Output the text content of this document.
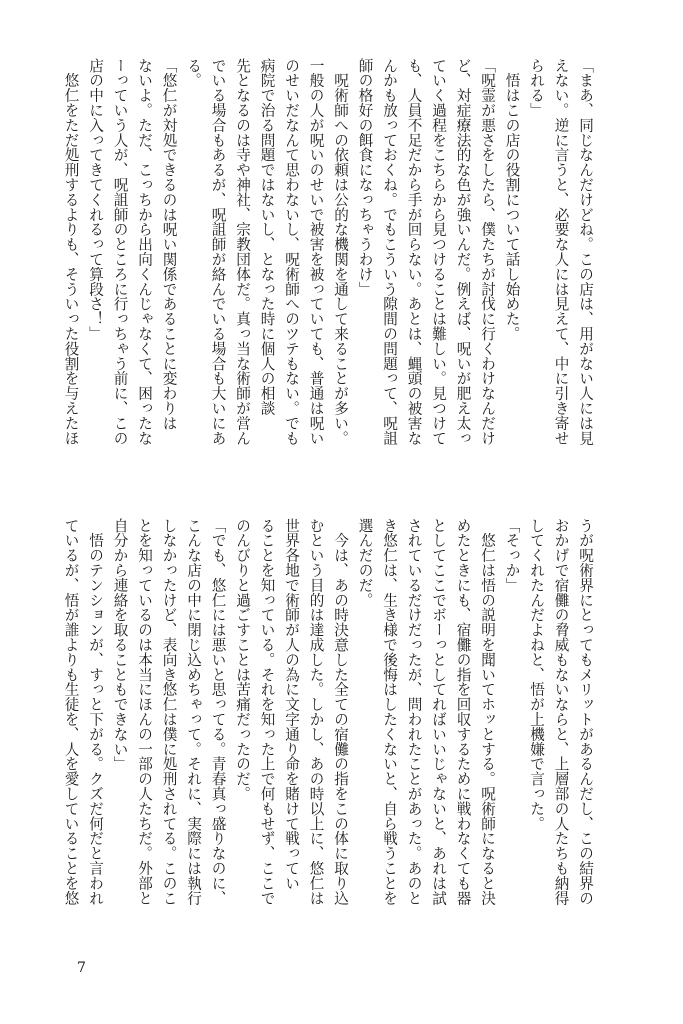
「まあ、同じなんだけどね。この店は、用がない人には見

えない。逆に言うと、必要な人には見えて、中に引き寄せ

られる」

　悟はこの店の役割について話し始めた。

「呪霊が悪さをしたら、僕たちが討伐に行くわけなんだけ

ど、対症療法的な色が強いんだ。例えば、呪いが肥え太っ

ていく過程をこちらから見つけることは難しい。見つけて

も、人員不足だから手が回らない。あとは、蝿頭の被害な

んかも放っておくね。でもこういう隙間の問題って、呪詛

師の格好の餌食になっちゃうわけ」

　呪術師への依頼は公的な機関を通して来ることが多い。

一般の人が呪いのせいで被害を被っていても、普通は呪い

のせいだなんて思わないし、呪術師へのツテもない。でも

病院で治る問題ではないし、となった時に個人の相談

先となるのは寺や神社、宗教団体だ。真っ当な術師が営ん

でいる場合もあるが、呪詛師が絡んでいる場合も大いにあ

る。

「悠仁が対処できるのは呪い関係であることに変わりは

ないよ。ただ、こっちから出向くんじゃなくて、困ったな

ーっていう人が、呪詛師のところに行っちゃう前に、この

店の中に入ってきてくれるって算段さ！」

　悠仁をただ処刑するよりも、そういった役割を与えたほ

うが呪術界にとってもメリットがあるんだし、この結界の

おかげで宿儺の脅威もないならと、上層部の人たちも納得

してくれたんだよねと、悟が上機嫌で言った。

「そっか」

　悠仁は悟の説明を聞いてホッとする。呪術師になると決

めたときにも、宿儺の指を回収するために戦わなくても器

としてここでボーっとしてればいいじゃないと、あれは試

されているだけだったが、問われたことがあった。あのと

き悠仁は、生き様で後悔はしたくないと、自ら戦うことを

選んだのだ。

　今は、あの時決意した全ての宿儺の指をこの体に取り込

むという目的は達成した。しかし、あの時以上に、悠仁は

世界各地で術師が人の為に文字通り命を賭けて戦ってい

ることを知っている。それを知った上で何もせず、ここで

のんびりと過ごすことは苦痛だったのだ。

「でも、悠仁には悪いと思ってる。青春真っ盛りなのに、

こんな店の中に閉じ込めちゃって。それに、実際には執行

しなかったけど、表向き悠仁は僕に処刑されてる。このこ

とを知っているのは本当にほんの一部の人たちだ。外部と

自分から連絡を取ることもできない」

　悟のテンションが、すっと下がる。クズだ何だと言われ

ているが、悟が誰よりも生徒を、人を愛していることを悠

7
